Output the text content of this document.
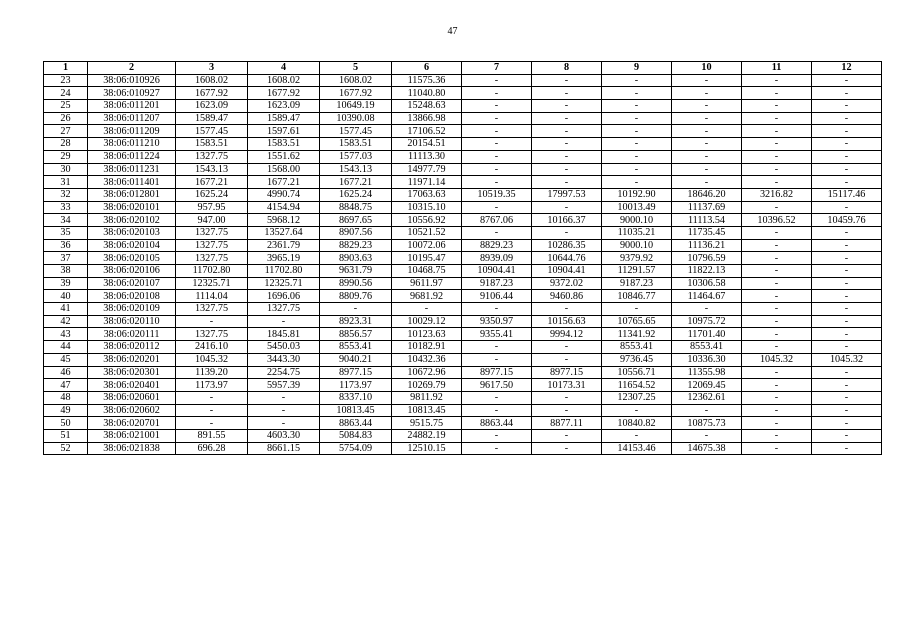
47
1	2	3	4	5	6	7	8	9	10	11	12
23	38:06:010926	1608.02	1608.02	1608.02	11575.36	-	-	-	-	-	-
24	38:06:010927	1677.92	1677.92	1677.92	11040.80	-	-	-	-	-	-
25	38:06:011201	1623.09	1623.09	10649.19	15248.63	-	-	-	-	-	-
26	38:06:011207	1589.47	1589.47	10390.08	13866.98	-	-	-	-	-	-
27	38:06:011209	1577.45	1597.61	1577.45	17106.52	-	-	-	-	-	-
28	38:06:011210	1583.51	1583.51	1583.51	20154.51	-	-	-	-	-	-
29	38:06:011224	1327.75	1551.62	1577.03	11113.30	-	-	-	-	-	-
30	38:06:011231	1543.13	1568.00	1543.13	14977.79	-	-	-	-	-	-
31	38:06:011401	1677.21	1677.21	1677.21	11971.14	-	-	-	-	-	-
32	38:06:012801	1625.24	4990.74	1625.24	17063.63	10519.35	17997.53	10192.90	18646.20	3216.82	15117.46
33	38:06:020101	957.95	4154.94	8848.75	10315.10	-	-	10013.49	11137.69	-	-
34	38:06:020102	947.00	5968.12	8697.65	10556.92	8767.06	10166.37	9000.10	11113.54	10396.52	10459.76
35	38:06:020103	1327.75	13527.64	8907.56	10521.52	-	-	11035.21	11735.45	-	-
36	38:06:020104	1327.75	2361.79	8829.23	10072.06	8829.23	10286.35	9000.10	11136.21	-	-
37	38:06:020105	1327.75	3965.19	8903.63	10195.47	8939.09	10644.76	9379.92	10796.59	-	-
38	38:06:020106	11702.80	11702.80	9631.79	10468.75	10904.41	10904.41	11291.57	11822.13	-	-
39	38:06:020107	12325.71	12325.71	8990.56	9611.97	9187.23	9372.02	9187.23	10306.58	-	-
40	38:06:020108	1114.04	1696.06	8809.76	9681.92	9106.44	9460.86	10846.77	11464.67	-	-
41	38:06:020109	1327.75	1327.75	-	-	-	-	-	-	-	-
42	38:06:020110	-	-	8923.31	10029.12	9350.97	10156.63	10765.65	10975.72	-	-
43	38:06:020111	1327.75	1845.81	8856.57	10123.63	9355.41	9994.12	11341.92	11701.40	-	-
44	38:06:020112	2416.10	5450.03	8553.41	10182.91	-	-	8553.41	8553.41	-	-
45	38:06:020201	1045.32	3443.30	9040.21	10432.36	-	-	9736.45	10336.30	1045.32	1045.32
46	38:06:020301	1139.20	2254.75	8977.15	10672.96	8977.15	8977.15	10556.71	11355.98	-	-
47	38:06:020401	1173.97	5957.39	1173.97	10269.79	9617.50	10173.31	11654.52	12069.45	-	-
48	38:06:020601	-	-	8337.10	9811.92	-	-	12307.25	12362.61	-	-
49	38:06:020602	-	-	10813.45	10813.45	-	-	-	-	-	-
50	38:06:020701	-	-	8863.44	9515.75	8863.44	8877.11	10840.82	10875.73	-	-
51	38:06:021001	891.55	4603.30	5084.83	24882.19	-	-	-	-	-	-
52	38:06:021838	696.28	8661.15	5754.09	12510.15	-	-	14153.46	14675.38	-	-
